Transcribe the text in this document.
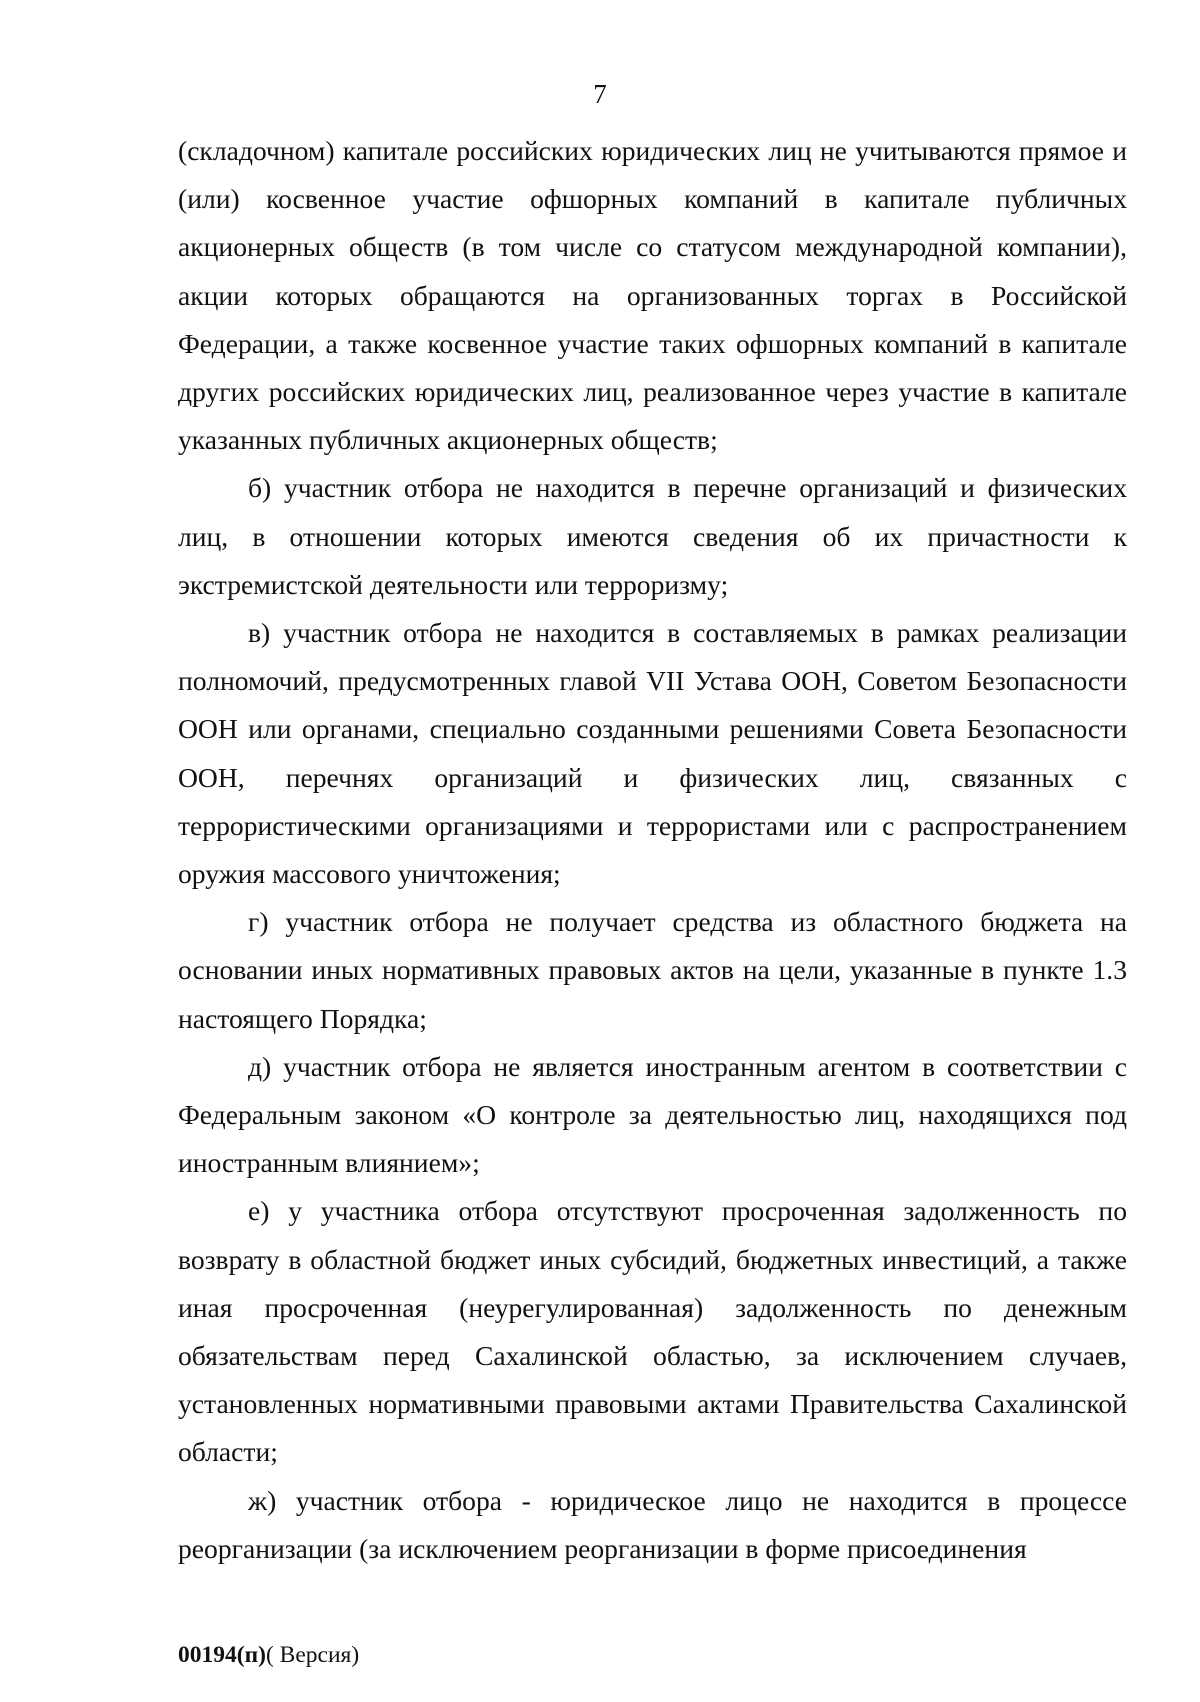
7

(складочном) капитале российских юридических лиц не учитываются прямое и (или) косвенное участие офшорных компаний в капитале публичных акционерных обществ (в том числе со статусом международной компании), акции которых обращаются на организованных торгах в Российской Федерации, а также косвенное участие таких офшорных компаний в капитале других российских юридических лиц, реализованное через участие в капитале указанных публичных акционерных обществ;

б) участник отбора не находится в перечне организаций и физических лиц, в отношении которых имеются сведения об их причастности к экстремистской деятельности или терроризму;

в) участник отбора не находится в составляемых в рамках реализации полномочий, предусмотренных главой VII Устава ООН, Советом Безопасности ООН или органами, специально созданными решениями Совета Безопасности ООН, перечнях организаций и физических лиц, связанных с террористическими организациями и террористами или с распространением оружия массового уничтожения;

г) участник отбора не получает средства из областного бюджета на основании иных нормативных правовых актов на цели, указанные в пункте 1.3 настоящего Порядка;

д) участник отбора не является иностранным агентом в соответствии с Федеральным законом «О контроле за деятельностью лиц, находящихся под иностранным влиянием»;

е) у участника отбора отсутствуют просроченная задолженность по возврату в областной бюджет иных субсидий, бюджетных инвестиций, а также иная просроченная (неурегулированная) задолженность по денежным обязательствам перед Сахалинской областью, за исключением случаев, установленных нормативными правовыми актами Правительства Сахалинской области;

ж) участник отбора - юридическое лицо не находится в процессе реорганизации (за исключением реорганизации в форме присоединения

00194(п)( Версия)
